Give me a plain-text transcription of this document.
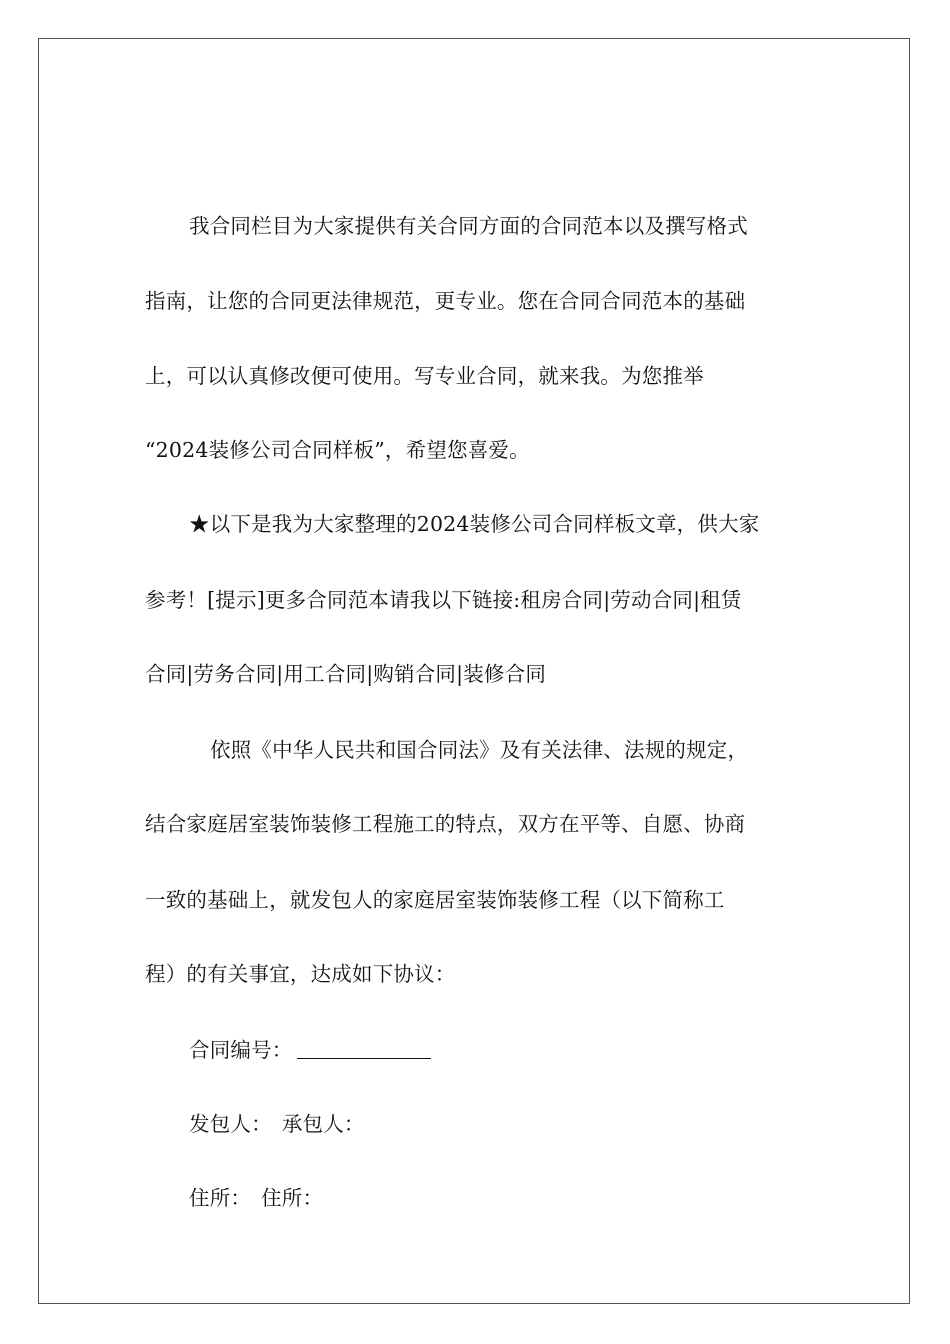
我合同栏目为大家提供有关合同方面的合同范本以及撰写格式
指南，让您的合同更法律规范，更专业。您在合同合同范本的基础
上，可以认真修改便可使用。写专业合同，就来我。为您推举
“2024装修公司合同样板”，希望您喜爱。
★以下是我为大家整理的2024装修公司合同样板文章，供大家
参考！[提示]更多合同范本请我以下链接:租房合同|劳动合同|租赁
合同|劳务合同|用工合同|购销合同|装修合同
依照《中华人民共和国合同法》及有关法律、法规的规定，
结合家庭居室装饰装修工程施工的特点，双方在平等、自愿、协商
一致的基础上，就发包人的家庭居室装饰装修工程（以下简称工
程）的有关事宜，达成如下协议：
合同编号：
发包人： 承包人：
住所： 住所：
